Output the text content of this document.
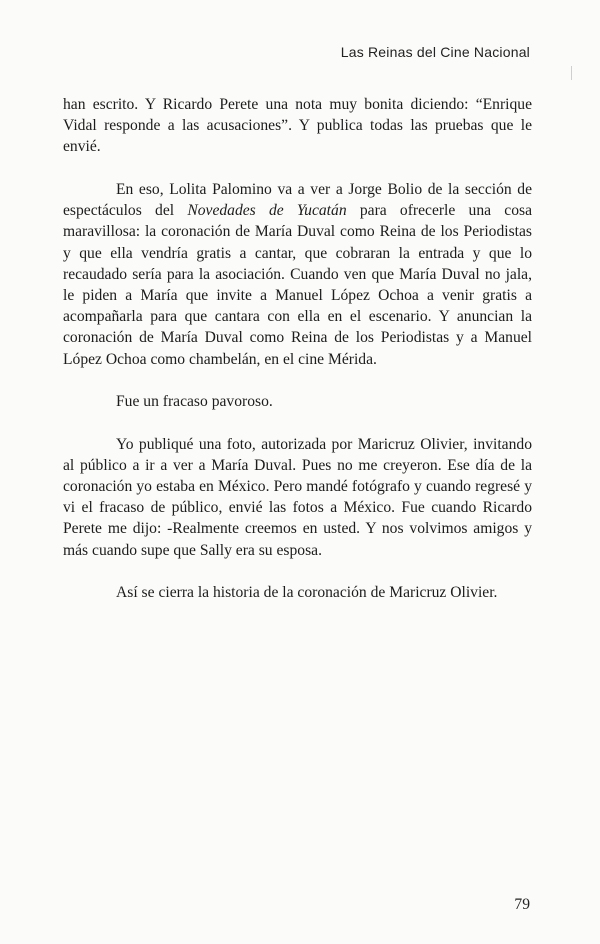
Las Reinas del Cine Nacional

han escrito. Y Ricardo Perete una nota muy bonita diciendo: “Enrique Vidal responde a las acusaciones”. Y publica todas las pruebas que le envié.

En eso, Lolita Palomino va a ver a Jorge Bolio de la sección de espectáculos del Novedades de Yucatán para ofrecerle una cosa maravillosa: la coronación de María Duval como Reina de los Periodistas y que ella vendría gratis a cantar, que cobraran la entrada y que lo recaudado sería para la asociación. Cuando ven que María Duval no jala, le piden a María que invite a Manuel López Ochoa a venir gratis a acompañarla para que cantara con ella en el escenario. Y anuncian la coronación de María Duval como Reina de los Periodistas y a Manuel López Ochoa como chambelán, en el cine Mérida.

Fue un fracaso pavoroso.

Yo publiqué una foto, autorizada por Maricruz Olivier, invitando al público a ir a ver a María Duval. Pues no me creyeron. Ese día de la coronación yo estaba en México. Pero mandé fotógrafo y cuando regresé y vi el fracaso de público, envié las fotos a México. Fue cuando Ricardo Perete me dijo: -Realmente creemos en usted. Y nos volvimos amigos y más cuando supe que Sally era su esposa.

Así se cierra la historia de la coronación de Maricruz Olivier.

79
